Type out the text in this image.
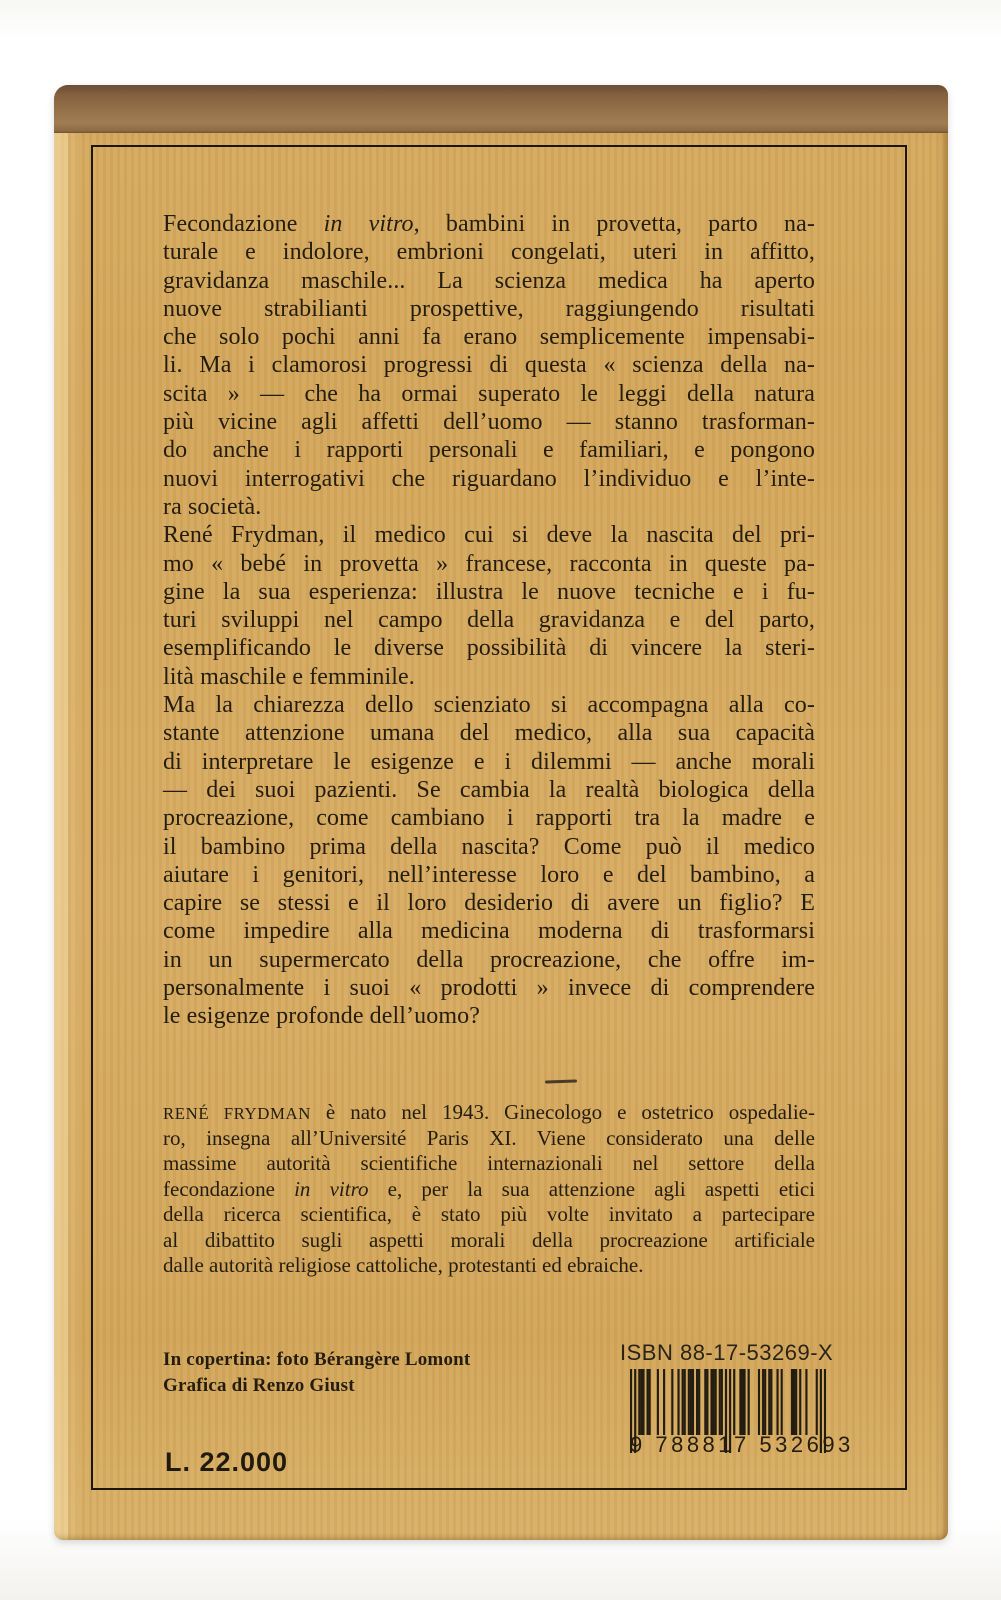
Fecondazione in vitro, bambini in provetta, parto na-
turale e indolore, embrioni congelati, uteri in affitto,
gravidanza maschile... La scienza medica ha aperto
nuove strabilianti prospettive, raggiungendo risultati
che solo pochi anni fa erano semplicemente impensabi-
li. Ma i clamorosi progressi di questa « scienza della na-
scita » — che ha ormai superato le leggi della natura
più vicine agli affetti dell’uomo — stanno trasforman-
do anche i rapporti personali e familiari, e pongono
nuovi interrogativi che riguardano l’individuo e l’inte-
ra società.
René Frydman, il medico cui si deve la nascita del pri-
mo « bebé in provetta » francese, racconta in queste pa-
gine la sua esperienza: illustra le nuove tecniche e i fu-
turi sviluppi nel campo della gravidanza e del parto,
esemplificando le diverse possibilità di vincere la steri-
lità maschile e femminile.
Ma la chiarezza dello scienziato si accompagna alla co-
stante attenzione umana del medico, alla sua capacità
di interpretare le esigenze e i dilemmi — anche morali
— dei suoi pazienti. Se cambia la realtà biologica della
procreazione, come cambiano i rapporti tra la madre e
il bambino prima della nascita? Come può il medico
aiutare i genitori, nell’interesse loro e del bambino, a
capire se stessi e il loro desiderio di avere un figlio? E
come impedire alla medicina moderna di trasformarsi
in un supermercato della procreazione, che offre im-
personalmente i suoi « prodotti » invece di comprendere
le esigenze profonde dell’uomo?
RENÉ FRYDMAN è nato nel 1943. Ginecologo e ostetrico ospedalie-
ro, insegna all’Université Paris XI. Viene considerato una delle
massime autorità scientifiche internazionali nel settore della
fecondazione in vitro e, per la sua attenzione agli aspetti etici
della ricerca scientifica, è stato più volte invitato a partecipare
al dibattito sugli aspetti morali della procreazione artificiale
dalle autorità religiose cattoliche, protestanti ed ebraiche.
In copertina: foto Bérangère Lomont
Grafica di Renzo Giust
L. 22.000
ISBN 88-17-53269-X
9 788817 532693
